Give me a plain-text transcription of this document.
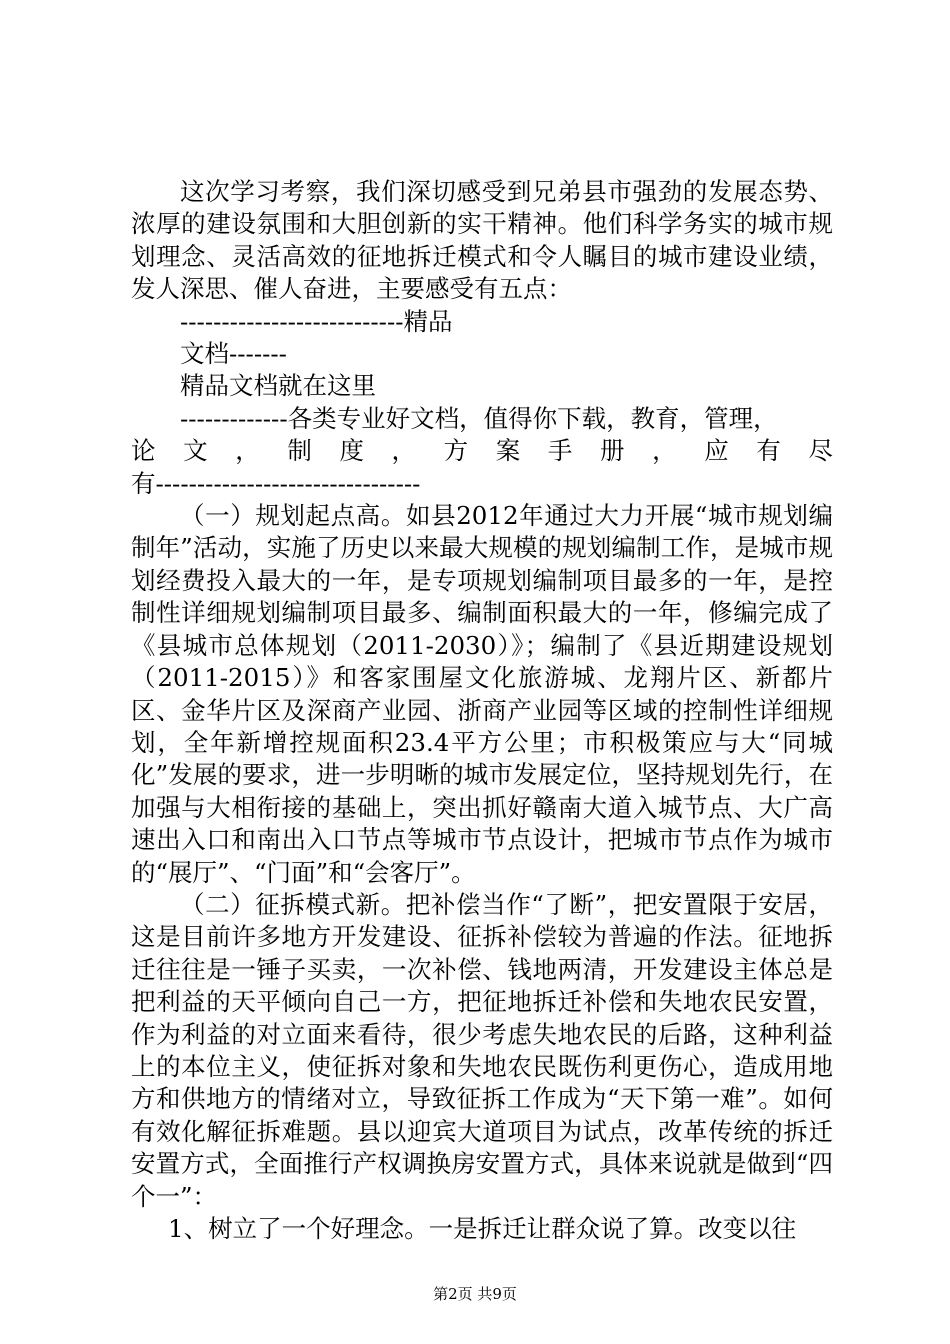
这次学习考察，我们深切感受到兄弟县市强劲的发展态势、浓厚的建设氛围和大胆创新的实干精神。他们科学务实的城市规划理念、灵活高效的征地拆迁模式和令人瞩目的城市建设业绩，发人深思、催人奋进，主要感受有五点：

---------------------------精品

文档-------

精品文档就在这里

-------------各类专业好文档，值得你下载，教育，管理，

论 文 ， 制 度 ， 方 案 手 册 ， 应 有 尽

有--------------------------------

（一）规划起点高。如县2012年通过大力开展“城市规划编制年”活动，实施了历史以来最大规模的规划编制工作，是城市规划经费投入最大的一年，是专项规划编制项目最多的一年，是控制性详细规划编制项目最多、编制面积最大的一年，修编完成了《县城市总体规划（2011-2030）》；编制了《县近期建设规划（2011-2015）》和客家围屋文化旅游城、龙翔片区、新都片区、金华片区及深商产业园、浙商产业园等区域的控制性详细规划，全年新增控规面积23.4平方公里；市积极策应与大“同城化”发展的要求，进一步明晰的城市发展定位，坚持规划先行，在加强与大相衔接的基础上，突出抓好赣南大道入城节点、大广高速出入口和南出入口节点等城市节点设计，把城市节点作为城市的“展厅”、“门面”和“会客厅”。

（二）征拆模式新。把补偿当作“了断”，把安置限于安居，这是目前许多地方开发建设、征拆补偿较为普遍的作法。征地拆迁往往是一锤子买卖，一次补偿、钱地两清，开发建设主体总是把利益的天平倾向自己一方，把征地拆迁补偿和失地农民安置，作为利益的对立面来看待，很少考虑失地农民的后路，这种利益上的本位主义，使征拆对象和失地农民既伤利更伤心，造成用地方和供地方的情绪对立，导致征拆工作成为“天下第一难”。如何有效化解征拆难题。县以迎宾大道项目为试点，改革传统的拆迁安置方式，全面推行产权调换房安置方式，具体来说就是做到“四个一”：

1、树立了一个好理念。一是拆迁让群众说了算。改变以往

第2页 共9页
